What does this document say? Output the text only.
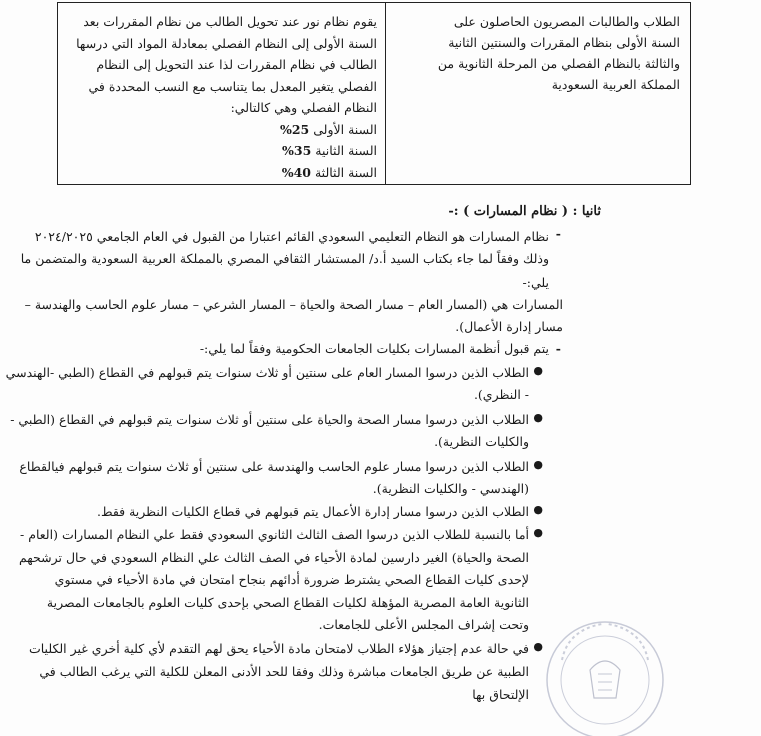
الطلاب والطالبات المصريون الحاصلون على
السنة الأولى بنظام المقررات والسنتين الثانية
والثالثة بالنظام الفصلي من المرحلة الثانوية من
المملكة العربية السعودية
يقوم نظام نور عند تحويل الطالب من نظام المقررات بعد
السنة الأولى إلى النظام الفصلي بمعادلة المواد التي درسها
الطالب في نظام المقررات لذا عند التحويل إلى النظام
الفصلي يتغير المعدل بما يتناسب مع النسب المحددة في
النظام الفصلي وهي كالتالي:
السنة الأولى 25%
السنة الثانية 35%
السنة الثالثة 40%
ثانيا : ( نظام المسارات ) :-
-
نظام المسارات هو النظام التعليمي السعودي القائم اعتبارا من القبول في العام الجامعي ٢٠٢٤/٢٠٢٥
وذلك وفقاً لما جاء بكتاب السيد أ.د/ المستشار الثقافي المصري بالمملكة العربية السعودية والمتضمن ما
يلي:-
المسارات هي (المسار العام – مسار الصحة والحياة – المسار الشرعي – مسار علوم الحاسب والهندسة –
مسار إدارة الأعمال).
-
يتم قبول أنظمة المسارات بكليات الجامعات الحكومية وفقاً لما يلي:-
●
الطلاب الذين درسوا المسار العام على سنتين أو ثلاث سنوات يتم قبولهم في القطاع (الطبي -الهندسي
- النظري).
●
الطلاب الذين درسوا مسار الصحة والحياة على سنتين أو ثلاث سنوات يتم قبولهم في القطاع (الطبي -
والكليات النظرية).
●
الطلاب الذين درسوا مسار علوم الحاسب والهندسة على سنتين أو ثلاث سنوات يتم قبولهم فيالقطاع
(الهندسي - والكليات النظرية).
●
الطلاب الذين درسوا مسار إدارة الأعمال يتم قبولهم في قطاع الكليات النظرية فقط.
●
أما بالنسبة للطلاب الذين درسوا الصف الثالث الثانوي السعودي فقط علي النظام المسارات (العام -
الصحة والحياة) الغير دارسين لمادة الأحياء في الصف الثالث علي النظام السعودي في حال ترشحهم
لإحدى كليات القطاع الصحي يشترط ضرورة أدائهم بنجاح امتحان في مادة الأحياء في مستوي
الثانوية العامة المصرية المؤهلة لكليات القطاع الصحي بإحدى كليات العلوم بالجامعات المصرية
وتحت إشراف المجلس الأعلى للجامعات.
●
في حالة عدم إجتياز هؤلاء الطلاب لامتحان مادة الأحياء يحق لهم التقدم لأي كلية أخري غير الكليات
الطبية عن طريق الجامعات مباشرة وذلك وفقا للحد الأدنى المعلن للكلية التي يرغب الطالب في
الإلتحاق بها
